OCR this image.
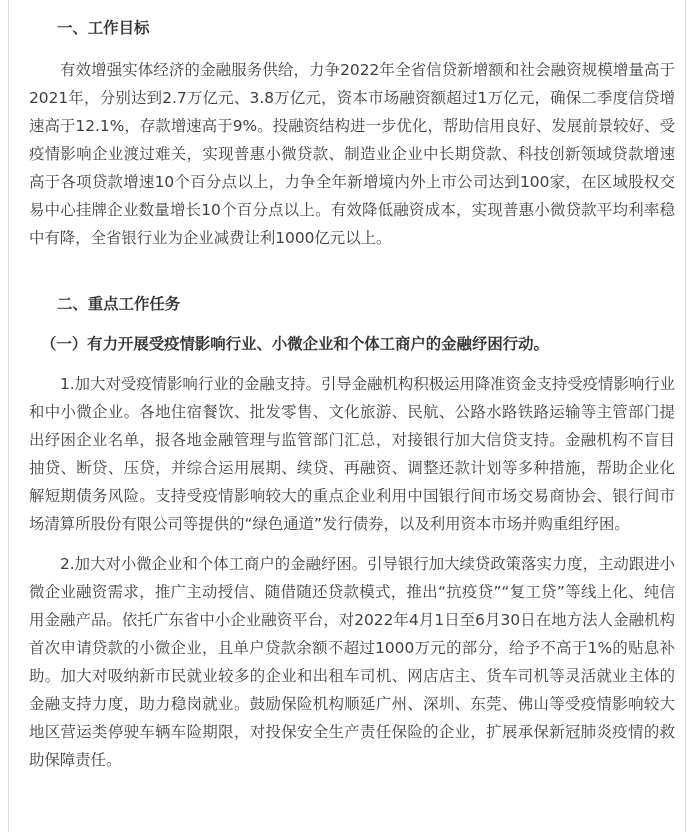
一、工作目标

有效增强实体经济的金融服务供给，力争2022年全省信贷新增额和社会融资规模增量高于2021年，分别达到2.7万亿元、3.8万亿元，资本市场融资额超过1万亿元，确保二季度信贷增速高于12.1%，存款增速高于9%。投融资结构进一步优化，帮助信用良好、发展前景较好、受疫情影响企业渡过难关，实现普惠小微贷款、制造业企业中长期贷款、科技创新领域贷款增速高于各项贷款增速10个百分点以上，力争全年新增境内外上市公司达到100家，在区域股权交易中心挂牌企业数量增长10个百分点以上。有效降低融资成本，实现普惠小微贷款平均利率稳中有降，全省银行业为企业减费让利1000亿元以上。

二、重点工作任务

（一）有力开展受疫情影响行业、小微企业和个体工商户的金融纾困行动。

1.加大对受疫情影响行业的金融支持。引导金融机构积极运用降准资金支持受疫情影响行业和中小微企业。各地住宿餐饮、批发零售、文化旅游、民航、公路水路铁路运输等主管部门提出纾困企业名单，报各地金融管理与监管部门汇总，对接银行加大信贷支持。金融机构不盲目抽贷、断贷、压贷，并综合运用展期、续贷、再融资、调整还款计划等多种措施，帮助企业化解短期债务风险。支持受疫情影响较大的重点企业利用中国银行间市场交易商协会、银行间市场清算所股份有限公司等提供的“绿色通道”发行债券，以及利用资本市场并购重组纾困。

2.加大对小微企业和个体工商户的金融纾困。引导银行加大续贷政策落实力度，主动跟进小微企业融资需求，推广主动授信、随借随还贷款模式，推出“抗疫贷”“复工贷”等线上化、纯信用金融产品。依托广东省中小企业融资平台，对2022年4月1日至6月30日在地方法人金融机构首次申请贷款的小微企业，且单户贷款余额不超过1000万元的部分，给予不高于1%的贴息补助。加大对吸纳新市民就业较多的企业和出租车司机、网店店主、货车司机等灵活就业主体的金融支持力度，助力稳岗就业。鼓励保险机构顺延广州、深圳、东莞、佛山等受疫情影响较大地区营运类停驶车辆车险期限，对投保安全生产责任保险的企业，扩展承保新冠肺炎疫情的救助保障责任。
